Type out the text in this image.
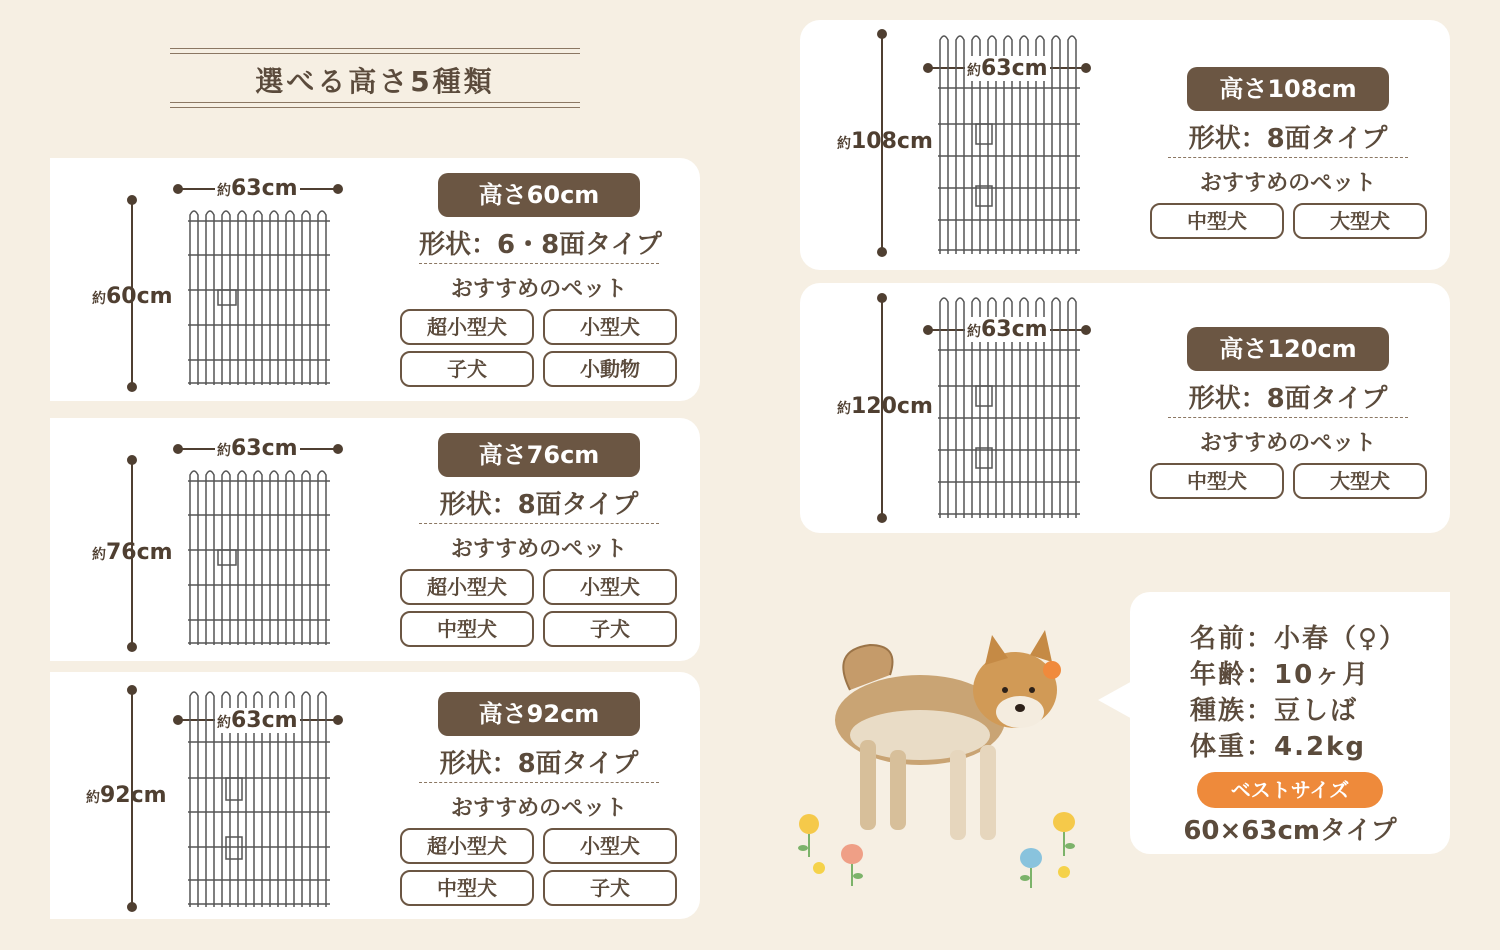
選べる高さ5種類
約63cm
約60cm
高さ60cm
形状：6・8面タイプ
おすすめのペット
超小型犬	小型犬
子犬	小動物
約63cm
約76cm
高さ76cm
形状：8面タイプ
おすすめのペット
超小型犬	小型犬
中型犬	子犬
約63cm
約92cm
高さ92cm
形状：8面タイプ
おすすめのペット
超小型犬	小型犬
中型犬	子犬
約63cm
約108cm
高さ108cm
形状：8面タイプ
おすすめのペット
中型犬	大型犬
約63cm
約120cm
高さ120cm
形状：8面タイプ
おすすめのペット
中型犬	大型犬
名前：小春（♀）
年齢：10ヶ月
種族：豆しば
体重：4.2kg
ベストサイズ
60×63cmタイプ
